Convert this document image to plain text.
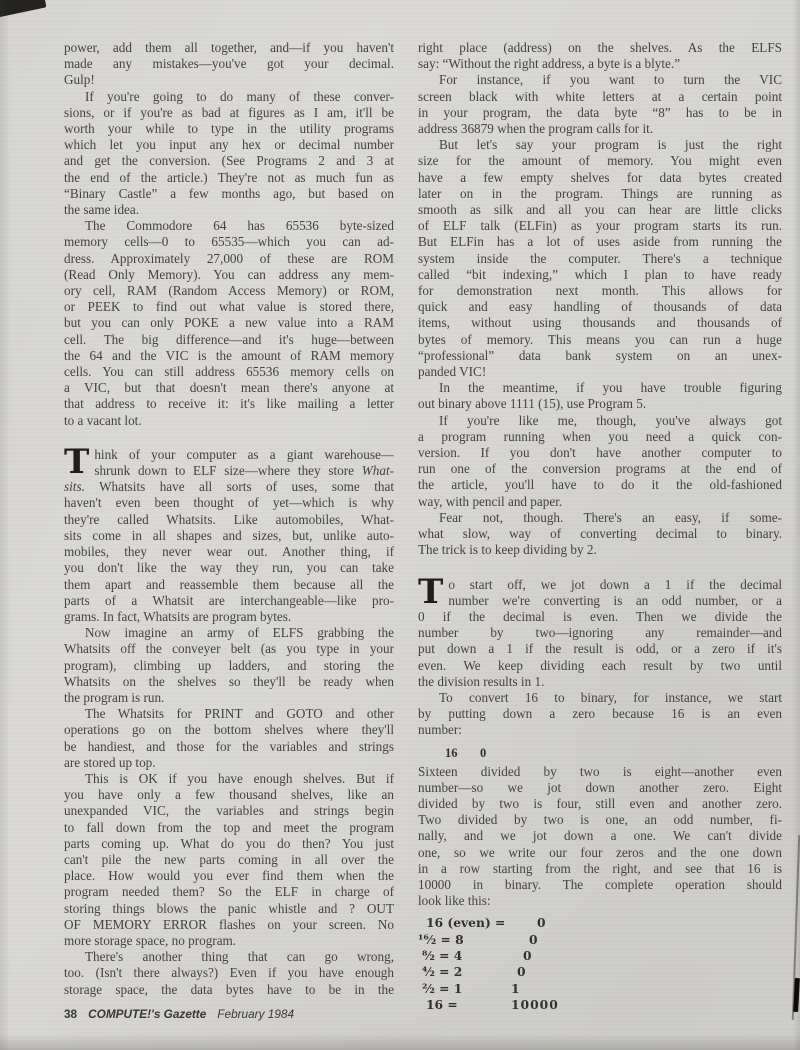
power, add them all together, and—if you haven't
made any mistakes—you've got your decimal.
Gulp!
If you're going to do many of these conver-
sions, or if you're as bad at figures as I am, it'll be
worth your while to type in the utility programs
which let you input any hex or decimal number
and get the conversion. (See Programs 2 and 3 at
the end of the article.) They're not as much fun as
“Binary Castle” a few months ago, but based on
the same idea.
The Commodore 64 has 65536 byte-sized
memory cells—0 to 65535—which you can ad-
dress. Approximately 27,000 of these are ROM
(Read Only Memory). You can address any mem-
ory cell, RAM (Random Access Memory) or ROM,
or PEEK to find out what value is stored there,
but you can only POKE a new value into a RAM
cell. The big difference—and it's huge—between
the 64 and the VIC is the amount of RAM memory
cells. You can still address 65536 memory cells on
a VIC, but that doesn't mean there's anyone at
that address to receive it: it's like mailing a letter
to a vacant lot.
T hink of your computer as a giant warehouse—
shrunk down to ELF size—where they store What-
sits. Whatsits have all sorts of uses, some that
haven't even been thought of yet—which is why
they're called Whatsits. Like automobiles, What-
sits come in all shapes and sizes, but, unlike auto-
mobiles, they never wear out. Another thing, if
you don't like the way they run, you can take
them apart and reassemble them because all the
parts of a Whatsit are interchangeable—like pro-
grams. In fact, Whatsits are program bytes.
Now imagine an army of ELFS grabbing the
Whatsits off the conveyer belt (as you type in your
program), climbing up ladders, and storing the
Whatsits on the shelves so they'll be ready when
the program is run.
The Whatsits for PRINT and GOTO and other
operations go on the bottom shelves where they'll
be handiest, and those for the variables and strings
are stored up top.
This is OK if you have enough shelves. But if
you have only a few thousand shelves, like an
unexpanded VIC, the variables and strings begin
to fall down from the top and meet the program
parts coming up. What do you do then? You just
can't pile the new parts coming in all over the
place. How would you ever find them when the
program needed them? So the ELF in charge of
storing things blows the panic whistle and ? OUT
OF MEMORY ERROR flashes on your screen. No
more storage space, no program.
There's another thing that can go wrong,
too. (Isn't there always?) Even if you have enough
storage space, the data bytes have to be in the
right place (address) on the shelves. As the ELFS
say: “Without the right address, a byte is a blyte.”
For instance, if you want to turn the VIC
screen black with white letters at a certain point
in your program, the data byte “8” has to be in
address 36879 when the program calls for it.
But let's say your program is just the right
size for the amount of memory. You might even
have a few empty shelves for data bytes created
later on in the program. Things are running as
smooth as silk and all you can hear are little clicks
of ELF talk (ELFin) as your program starts its run.
But ELFin has a lot of uses aside from running the
system inside the computer. There's a technique
called “bit indexing,” which I plan to have ready
for demonstration next month. This allows for
quick and easy handling of thousands of data
items, without using thousands and thousands of
bytes of memory. This means you can run a huge
“professional” data bank system on an unex-
panded VIC!
In the meantime, if you have trouble figuring
out binary above 1111 (15), use Program 5.
If you're like me, though, you've always got
a program running when you need a quick con-
version. If you don't have another computer to
run one of the conversion programs at the end of
the article, you'll have to do it the old-fashioned
way, with pencil and paper.
Fear not, though. There's an easy, if some-
what slow, way of converting decimal to binary.
The trick is to keep dividing by 2.
T o start off, we jot down a 1 if the decimal
number we're converting is an odd number, or a
0 if the decimal is even. Then we divide the
number by two—ignoring any remainder—and
put down a 1 if the result is odd, or a zero if it's
even. We keep dividing each result by two until
the division results in 1.
To convert 16 to binary, for instance, we start
by putting down a zero because 16 is an even
number:
16 0
Sixteen divided by two is eight—another even
number—so we jot down another zero. Eight
divided by two is four, still even and another zero.
Two divided by two is one, an odd number, fi-
nally, and we jot down a one. We can't divide
one, so we write our four zeros and the one down
in a row starting from the right, and see that 16 is
10000 in binary. The complete operation should
look like this:
16 (even) =	0
¹⁶⁄₂ = 8	0
⁸⁄₂ = 4	0
⁴⁄₂ = 2	0
²⁄₂ = 1	1
16 =	10000
38 COMPUTE!'s Gazette February 1984
